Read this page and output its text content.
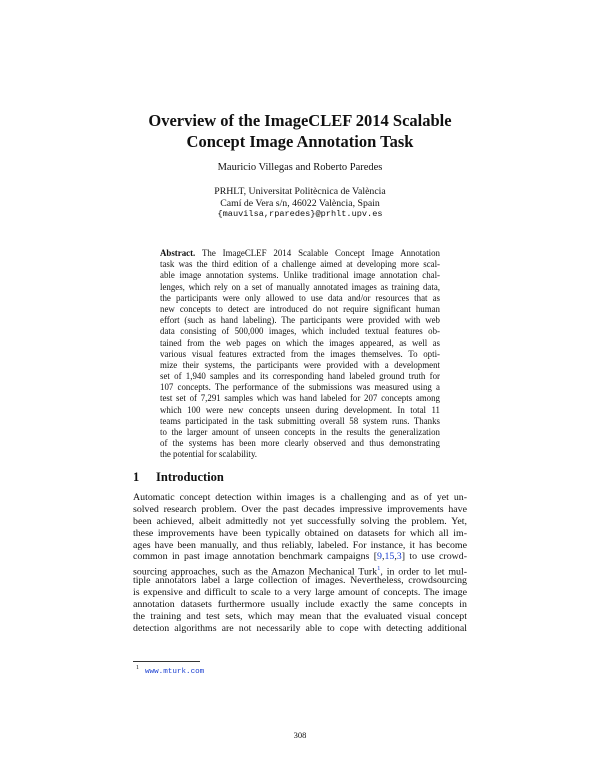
Overview of the ImageCLEF 2014 Scalable
Concept Image Annotation Task
Mauricio Villegas and Roberto Paredes
PRHLT, Universitat Politècnica de València
Camí de Vera s/n, 46022 València, Spain
{mauvilsa,rparedes}@prhlt.upv.es
Abstract. The ImageCLEF 2014 Scalable Concept Image Annotation
task was the third edition of a challenge aimed at developing more scal-
able image annotation systems. Unlike traditional image annotation chal-
lenges, which rely on a set of manually annotated images as training data,
the participants were only allowed to use data and/or resources that as
new concepts to detect are introduced do not require significant human
effort (such as hand labeling). The participants were provided with web
data consisting of 500,000 images, which included textual features ob-
tained from the web pages on which the images appeared, as well as
various visual features extracted from the images themselves. To opti-
mize their systems, the participants were provided with a development
set of 1,940 samples and its corresponding hand labeled ground truth for
107 concepts. The performance of the submissions was measured using a
test set of 7,291 samples which was hand labeled for 207 concepts among
which 100 were new concepts unseen during development. In total 11
teams participated in the task submitting overall 58 system runs. Thanks
to the larger amount of unseen concepts in the results the generalization
of the systems has been more clearly observed and thus demonstrating
the potential for scalability.
1 Introduction
Automatic concept detection within images is a challenging and as of yet un-
solved research problem. Over the past decades impressive improvements have
been achieved, albeit admittedly not yet successfully solving the problem. Yet,
these improvements have been typically obtained on datasets for which all im-
ages have been manually, and thus reliably, labeled. For instance, it has become
common in past image annotation benchmark campaigns [9,15,3] to use crowd-
sourcing approaches, such as the Amazon Mechanical Turk$^1$, in order to let mul-
tiple annotators label a large collection of images. Nevertheless, crowdsourcing
is expensive and difficult to scale to a very large amount of concepts. The image
annotation datasets furthermore usually include exactly the same concepts in
the training and test sets, which may mean that the evaluated visual concept
detection algorithms are not necessarily able to cope with detecting additional
$^1$ www.mturk.com
308
